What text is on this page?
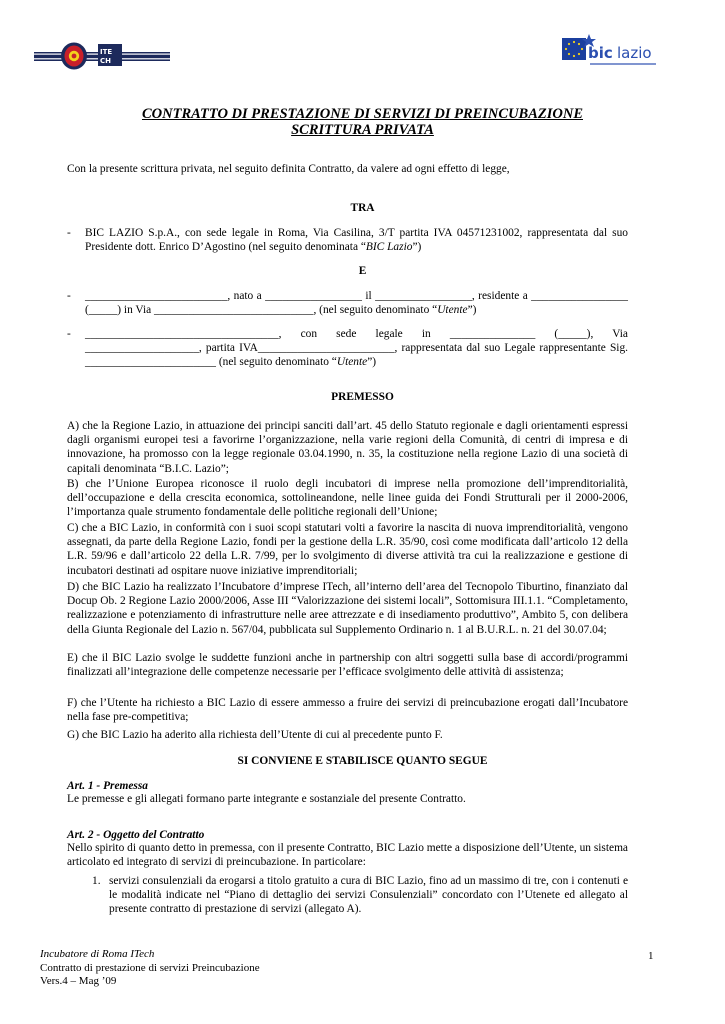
ITE
CH	bic lazio
CONTRATTO DI PRESTAZIONE DI SERVIZI DI PREINCUBAZIONE
SCRITTURA PRIVATA

Con la presente scrittura privata, nel seguito definita Contratto, da valere ad ogni effetto di legge,

TRA
- BIC LAZIO S.p.A., con sede legale in Roma, Via Casilina, 3/T partita IVA 04571231002, rappresentata dal suo Presidente dott. Enrico D’Agostino (nel seguito denominata “BIC Lazio”)

E
- _________________________, nato a _________________ il _________________, residente a _________________ (_____) in Via ____________________________, (nel seguito denominato “Utente”)

- __________________________________, con sede legale in _______________ (_____), Via ____________________, partita IVA________________________, rappresentata dal suo Legale rappresentante Sig. _______________________ (nel seguito denominato “Utente”)

PREMESSO

A) che la Regione Lazio, in attuazione dei principi sanciti dall’art. 45 dello Statuto regionale e dagli orientamenti espressi dagli organismi europei tesi a favorirne l’organizzazione, nella varie regioni della Comunità, di centri di impresa e di innovazione, ha promosso con la legge regionale 03.04.1990, n. 35, la costituzione nella regione Lazio di una società di capitali denominata “B.I.C. Lazio”;

B) che l’Unione Europea riconosce il ruolo degli incubatori di imprese nella promozione dell’imprenditorialità, dell’occupazione e della crescita economica, sottolineandone, nelle linee guida dei Fondi Strutturali per il 2000-2006, l’importanza quale strumento fondamentale delle politiche regionali dell’Unione;

C) che a BIC Lazio, in conformità con i suoi scopi statutari volti a favorire la nascita di nuova imprenditorialità, vengono assegnati, da parte della Regione Lazio, fondi per la gestione della L.R. 35/90, così come modificata dall’articolo 12 della L.R. 59/96 e dall’articolo 22 della L.R. 7/99, per lo svolgimento di diverse attività tra cui la realizzazione e gestione di incubatori destinati ad ospitare nuove iniziative imprenditoriali;

D) che BIC Lazio ha realizzato l’Incubatore d’imprese ITech, all’interno dell’area del Tecnopolo Tiburtino, finanziato dal Docup Ob. 2 Regione Lazio 2000/2006, Asse III “Valorizzazione dei sistemi locali”, Sottomisura III.1.1. “Completamento, realizzazione e potenziamento di infrastrutture nelle aree attrezzate e di insediamento produttivo”, Ambito 5, con delibera della Giunta Regionale del Lazio n. 567/04, pubblicata sul Supplemento Ordinario n. 1 al B.U.R.L. n. 21 del 30.07.04;

E) che il BIC Lazio svolge le suddette funzioni anche in partnership con altri soggetti sulla base di accordi/programmi finalizzati all’integrazione delle competenze necessarie per l’efficace svolgimento delle attività di assistenza;

F) che l’Utente ha richiesto a BIC Lazio di essere ammesso a fruire dei servizi di preincubazione erogati dall’Incubatore nella fase pre-competitiva;

G) che BIC Lazio ha aderito alla richiesta dell’Utente di cui al precedente punto F.

SI CONVIENE E STABILISCE QUANTO SEGUE
Art. 1 - Premessa

Le premesse e gli allegati formano parte integrante e sostanziale del presente Contratto.

Art. 2 - Oggetto del Contratto

Nello spirito di quanto detto in premessa, con il presente Contratto, BIC Lazio mette a disposizione dell’Utente, un sistema articolato ed integrato di servizi di preincubazione. In particolare:

1. servizi consulenziali da erogarsi a titolo gratuito a cura di BIC Lazio, fino ad un massimo di tre, con i contenuti e le modalità indicate nel “Piano di dettaglio dei servizi Consulenziali” concordato con l’Utenete ed allegato al presente contratto di prestazione di servizi (allegato A).

Incubatore di Roma ITech
Contratto di prestazione di servizi Preincubazione
Vers.4 – Mag ’09
1
